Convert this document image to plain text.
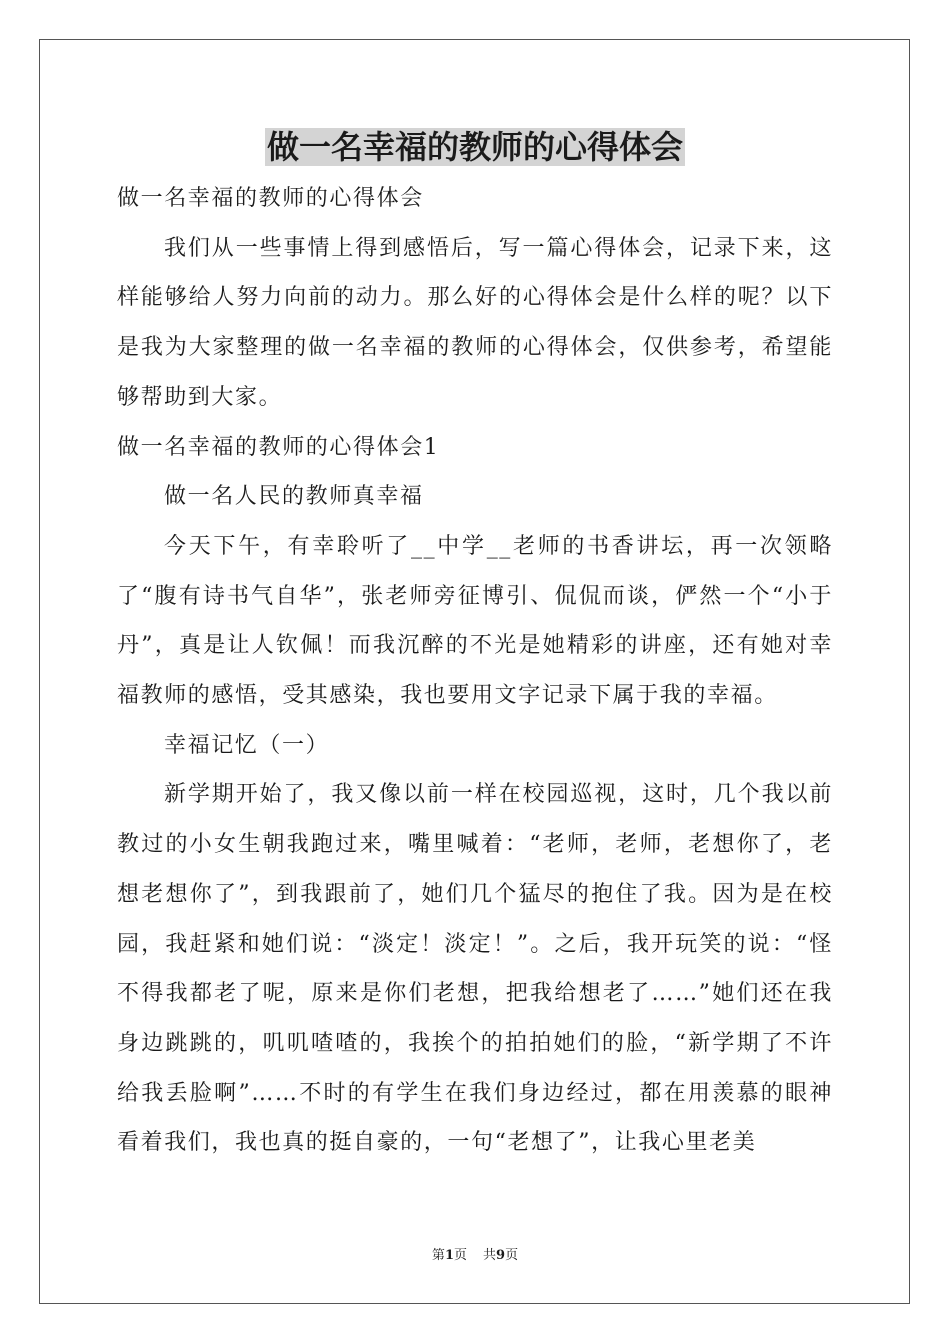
做一名幸福的教师的心得体会

做一名幸福的教师的心得体会

我们从一些事情上得到感悟后，写一篇心得体会，记录下来，这样能够给人努力向前的动力。那么好的心得体会是什么样的呢？以下是我为大家整理的做一名幸福的教师的心得体会，仅供参考，希望能够帮助到大家。

做一名幸福的教师的心得体会1

做一名人民的教师真幸福

今天下午，有幸聆听了__中学__老师的书香讲坛，再一次领略了“腹有诗书气自华”，张老师旁征博引、侃侃而谈，俨然一个“小于丹”，真是让人钦佩！而我沉醉的不光是她精彩的讲座，还有她对幸福教师的感悟，受其感染，我也要用文字记录下属于我的幸福。

幸福记忆（一）

新学期开始了，我又像以前一样在校园巡视，这时，几个我以前教过的小女生朝我跑过来，嘴里喊着：“老师，老师，老想你了，老想老想你了”，到我跟前了，她们几个猛尽的抱住了我。因为是在校园，我赶紧和她们说：“淡定！淡定！”。之后，我开玩笑的说：“怪不得我都老了呢，原来是你们老想，把我给想老了……”她们还在我身边跳跳的，叽叽喳喳的，我挨个的拍拍她们的脸，“新学期了不许给我丢脸啊”……不时的有学生在我们身边经过，都在用羡慕的眼神看着我们，我也真的挺自豪的，一句“老想了”，让我心里老美

第1页 共9页
